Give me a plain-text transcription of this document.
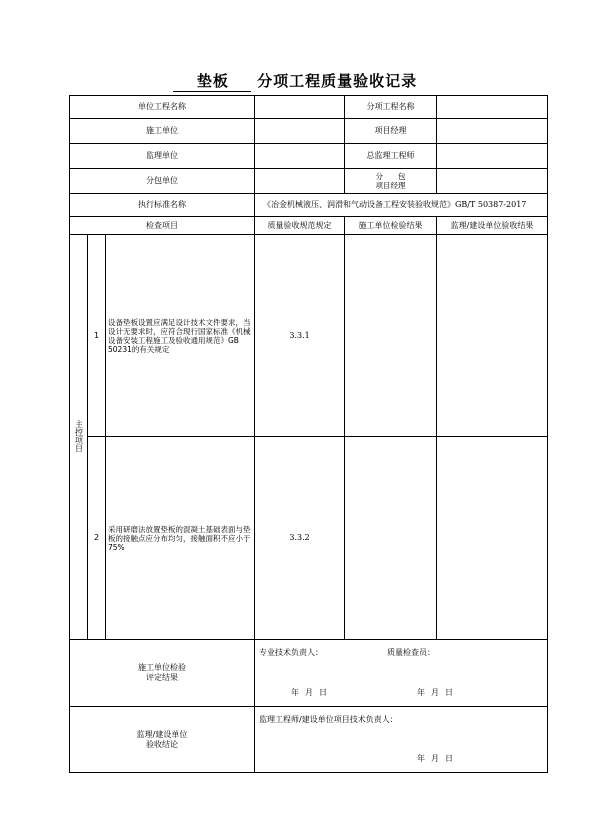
垫板 分项工程质量验收记录
单位工程名称				分项工程名称	
施工单位				项目经理	
监理单位				总监理工程师	
分包单位				分　　包
项目经理	
执行标准名称			《冶金机械液压、润滑和气动设备工程安装验收规范》GB/T 50387-2017		
检查项目			质量验收规范规定	施工单位检验结果	监理/建设单位验收结果
主控项目	1	设备垫板设置应满足设计技术文件要求，当设计无要求时，应符合现行国家标准《机械设备安装工程施工及验收通用规范》GB 50231的有关规定	3.3.1		
	2	采用研磨法放置垫板的混凝土基础表面与垫板的接触点应分布均匀，接触面积不应小于75%	3.3.2		
施工单位检验
评定结果			专业技术负责人： 质量检查员：
年月日 年月日		

监理/建设单位
验收结论			监理工程师/建设单位项目技术负责人：
年月日		
